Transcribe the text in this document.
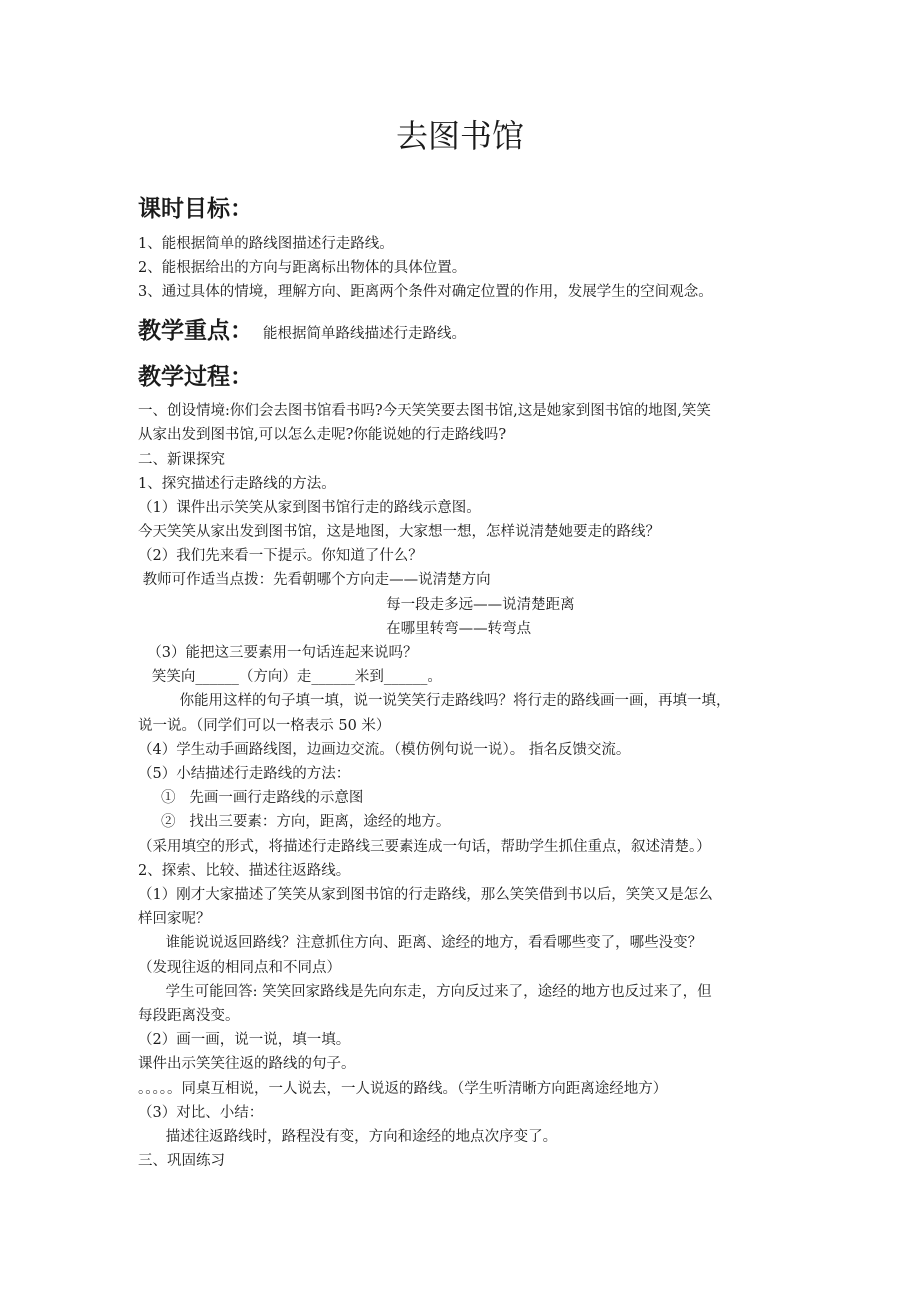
去图书馆
课时目标：

1、能根据简单的路线图描述行走路线。

2、能根据给出的方向与距离标出物体的具体位置。

3、通过具体的情境，理解方向、距离两个条件对确定位置的作用，发展学生的空间观念。

教学重点： 能根据简单路线描述行走路线。
教学过程：

一、创设情境:你们会去图书馆看书吗?今天笑笑要去图书馆,这是她家到图书馆的地图,笑笑

从家出发到图书馆,可以怎么走呢?你能说她的行走路线吗?

二、新课探究

1、探究描述行走路线的方法。

（1）课件出示笑笑从家到图书馆行走的路线示意图。

今天笑笑从家出发到图书馆，这是地图，大家想一想，怎样说清楚她要走的路线？

（2）我们先来看一下提示。你知道了什么？

教师可作适当点拨：先看朝哪个方向走——说清楚方向

每一段走多远——说清楚距离

在哪里转弯——转弯点

（3）能把这三要素用一句话连起来说吗？

笑笑向______（方向）走______米到______。

你能用这样的句子填一填，说一说笑笑行走路线吗？将行走的路线画一画，再填一填，

说一说。（同学们可以一格表示 50 米）

（4）学生动手画路线图，边画边交流。（模仿例句说一说）。 指名反馈交流。

（5）小结描述行走路线的方法：

①   先画一画行走路线的示意图

②   找出三要素：方向，距离，途经的地方。

（采用填空的形式，将描述行走路线三要素连成一句话，帮助学生抓住重点，叙述清楚。）

2、探索、比较、描述往返路线。

（1）刚才大家描述了笑笑从家到图书馆的行走路线，那么笑笑借到书以后，笑笑又是怎么

样回家呢？

谁能说说返回路线？注意抓住方向、距离、途经的地方，看看哪些变了，哪些没变？

（发现往返的相同点和不同点）

学生可能回答: 笑笑回家路线是先向东走，方向反过来了，途经的地方也反过来了，但

每段距离没变。

（2）画一画，说一说，填一填。

课件出示笑笑往返的路线的句子。

。。。。。同桌互相说，一人说去，一人说返的路线。（学生听清晰方向距离途经地方）

（3）对比、小结：

描述往返路线时，路程没有变，方向和途经的地点次序变了。

三、巩固练习
